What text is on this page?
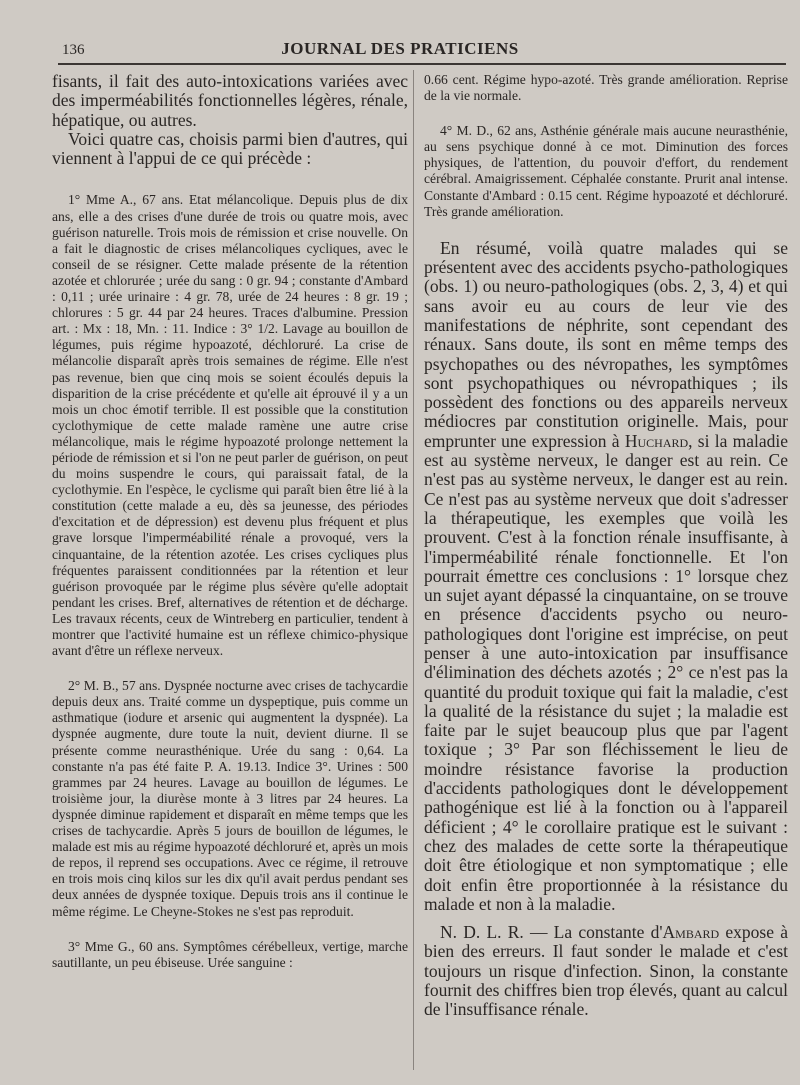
136	JOURNAL DES PRATICIENS

fisants, il fait des auto-intoxications variées avec des imperméabilités fonctionnelles légères, rénale, hépatique, ou autres.

Voici quatre cas, choisis parmi bien d'autres, qui viennent à l'appui de ce qui précède :

1° Mme A., 67 ans. Etat mélancolique. Depuis plus de dix ans, elle a des crises d'une durée de trois ou quatre mois, avec guérison naturelle. Trois mois de rémission et crise nouvelle. On a fait le diagnostic de crises mélancoliques cycliques, avec le conseil de se résigner. Cette malade présente de la rétention azotée et chlorurée ; urée du sang : 0 gr. 94 ; constante d'Ambard : 0,11 ; urée urinaire : 4 gr. 78, urée de 24 heures : 8 gr. 19 ; chlorures : 5 gr. 44 par 24 heures. Traces d'albumine. Pression art. : Mx : 18, Mn. : 11. Indice : 3° 1/2. Lavage au bouillon de légumes, puis régime hypoazoté, déchloruré. La crise de mélancolie disparaît après trois semaines de régime. Elle n'est pas revenue, bien que cinq mois se soient écoulés depuis la disparition de la crise précédente et qu'elle ait éprouvé il y a un mois un choc émotif terrible. Il est possible que la constitution cyclothymique de cette malade ramène une autre crise mélancolique, mais le régime hypoazoté prolonge nettement la période de rémission et si l'on ne peut parler de guérison, on peut du moins suspendre le cours, qui paraissait fatal, de la cyclothymie. En l'espèce, le cyclisme qui paraît bien être lié à la constitution (cette malade a eu, dès sa jeunesse, des périodes d'excitation et de dépression) est devenu plus fréquent et plus grave lorsque l'imperméabilité rénale a provoqué, vers la cinquantaine, de la rétention azotée. Les crises cycliques plus fréquentes paraissent conditionnées par la rétention et leur guérison provoquée par le régime plus sévère qu'elle adoptait pendant les crises. Bref, alternatives de rétention et de décharge. Les travaux récents, ceux de Wintreberg en particulier, tendent à montrer que l'activité humaine est un réflexe chimico-physique avant d'être un réflexe nerveux.

2° M. B., 57 ans. Dyspnée nocturne avec crises de tachycardie depuis deux ans. Traité comme un dyspeptique, puis comme un asthmatique (iodure et arsenic qui augmentent la dyspnée). La dyspnée augmente, dure toute la nuit, devient diurne. Il se présente comme neurasthénique. Urée du sang : 0,64. La constante n'a pas été faite P. A. 19.13. Indice 3°. Urines : 500 grammes par 24 heures. Lavage au bouillon de légumes. Le troisième jour, la diurèse monte à 3 litres par 24 heures. La dyspnée diminue rapidement et disparaît en même temps que les crises de tachycardie. Après 5 jours de bouillon de légumes, le malade est mis au régime hypoazoté déchloruré et, après un mois de repos, il reprend ses occupations. Avec ce régime, il retrouve en trois mois cinq kilos sur les dix qu'il avait perdus pendant ses deux années de dyspnée toxique. Depuis trois ans il continue le même régime. Le Cheyne-Stokes ne s'est pas reproduit.

3° Mme G., 60 ans. Symptômes cérébelleux, vertige, marche sautillante, un peu ébiseuse. Urée sanguine :

0.66 cent. Régime hypo-azoté. Très grande amélioration. Reprise de la vie normale.

4° M. D., 62 ans, Asthénie générale mais aucune neurasthénie, au sens psychique donné à ce mot. Diminution des forces physiques, de l'attention, du pouvoir d'effort, du rendement cérébral. Amaigrissement. Céphalée constante. Prurit anal intense. Constante d'Ambard : 0.15 cent. Régime hypoazoté et déchloruré. Très grande amélioration.

En résumé, voilà quatre malades qui se présentent avec des accidents psycho-pathologiques (obs. 1) ou neuro-pathologiques (obs. 2, 3, 4) et qui sans avoir eu au cours de leur vie des manifestations de néphrite, sont cependant des rénaux. Sans doute, ils sont en même temps des psychopathes ou des névropathes, les symptômes sont psychopathiques ou névropathiques ; ils possèdent des fonctions ou des appareils nerveux médiocres par constitution originelle. Mais, pour emprunter une expression à Huchard, si la maladie est au système nerveux, le danger est au rein. Ce n'est pas au système nerveux, le danger est au rein. Ce n'est pas au système nerveux que doit s'adresser la thérapeutique, les exemples que voilà les prouvent. C'est à la fonction rénale insuffisante, à l'imperméabilité rénale fonctionnelle. Et l'on pourrait émettre ces conclusions : 1° lorsque chez un sujet ayant dépassé la cinquantaine, on se trouve en présence d'accidents psycho ou neuro-pathologiques dont l'origine est imprécise, on peut penser à une auto-intoxication par insuffisance d'élimination des déchets azotés ; 2° ce n'est pas la quantité du produit toxique qui fait la maladie, c'est la qualité de la résistance du sujet ; la maladie est faite par le sujet beaucoup plus que par l'agent toxique ; 3° Par son fléchissement le lieu de moindre résistance favorise la production d'accidents pathologiques dont le développement pathogénique est lié à la fonction ou à l'appareil déficient ; 4° le corollaire pratique est le suivant : chez des malades de cette sorte la thérapeutique doit être étiologique et non symptomatique ; elle doit enfin être proportionnée à la résistance du malade et non à la maladie.

N. D. L. R. — La constante d'Ambard expose à bien des erreurs. Il faut sonder le malade et c'est toujours un risque d'infection. Sinon, la constante fournit des chiffres bien trop élevés, quant au calcul de l'insuffisance rénale.
